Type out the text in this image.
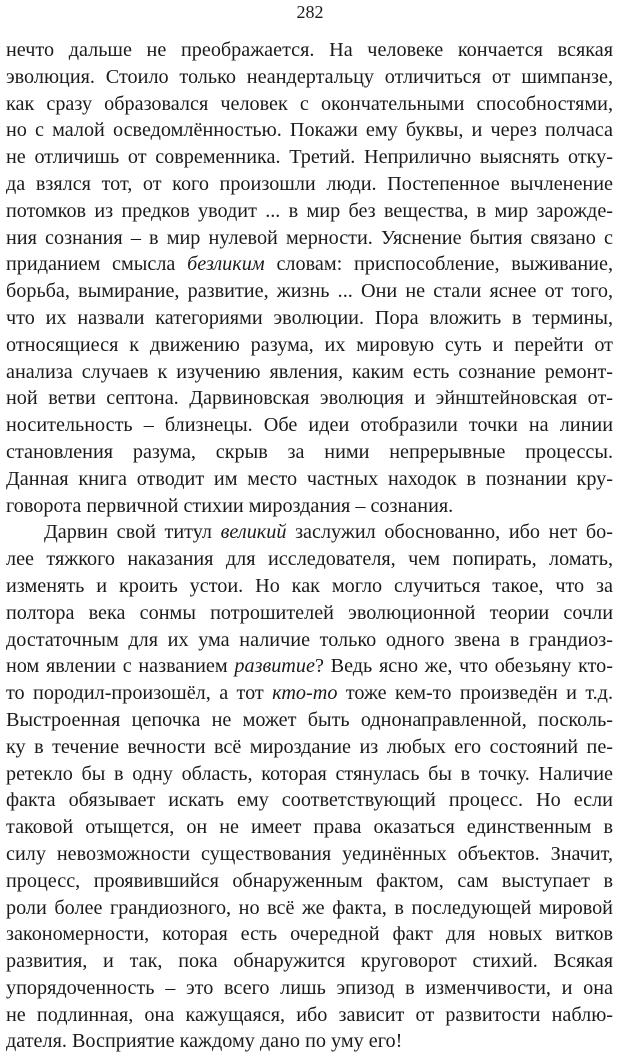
282
нечто дальше не преображается. На человеке кончается всякая
эволюция. Стоило только неандертальцу отличиться от шимпанзе,
как сразу образовался человек с окончательными способностями,
но с малой осведомлённостью. Покажи ему буквы, и через полчаса
не отличишь от современника. Третий. Неприлично выяснять отку-
да взялся тот, от кого произошли люди. Постепенное вычленение
потомков из предков уводит ... в мир без вещества, в мир зарожде-
ния сознания – в мир нулевой мерности. Уяснение бытия связано с
приданием смысла безликим словам: приспособление, выживание,
борьба, вымирание, развитие, жизнь ... Они не стали яснее от того,
что их назвали категориями эволюции. Пора вложить в термины,
относящиеся к движению разума, их мировую суть и перейти от
анализа случаев к изучению явления, каким есть сознание ремонт-
ной ветви септона. Дарвиновская эволюция и эйнштейновская от-
носительность – близнецы. Обе идеи отобразили точки на линии
становления разума, скрыв за ними непрерывные процессы.
Данная книга отводит им место частных находок в познании кру-
говорота первичной стихии мироздания – сознания.
Дарвин свой титул великий заслужил обоснованно, ибо нет бо-
лее тяжкого наказания для исследователя, чем попирать, ломать,
изменять и кроить устои. Но как могло случиться такое, что за
полтора века сонмы потрошителей эволюционной теории сочли
достаточным для их ума наличие только одного звена в грандиоз-
ном явлении с названием развитие? Ведь ясно же, что обезьяну кто-
то породил-произошёл, а тот кто-то тоже кем-то произведён и т.д.
Выстроенная цепочка не может быть однонаправленной, посколь-
ку в течение вечности всё мироздание из любых его состояний пе-
ретекло бы в одну область, которая стянулась бы в точку. Наличие
факта обязывает искать ему соответствующий процесс. Но если
таковой отыщется, он не имеет права оказаться единственным в
силу невозможности существования уединённых объектов. Значит,
процесс, проявившийся обнаруженным фактом, сам выступает в
роли более грандиозного, но всё же факта, в последующей мировой
закономерности, которая есть очередной факт для новых витков
развития, и так, пока обнаружится круговорот стихий. Всякая
упорядоченность – это всего лишь эпизод в изменчивости, и она
не подлинная, она кажущаяся, ибо зависит от развитости наблю-
дателя. Восприятие каждому дано по уму его!
